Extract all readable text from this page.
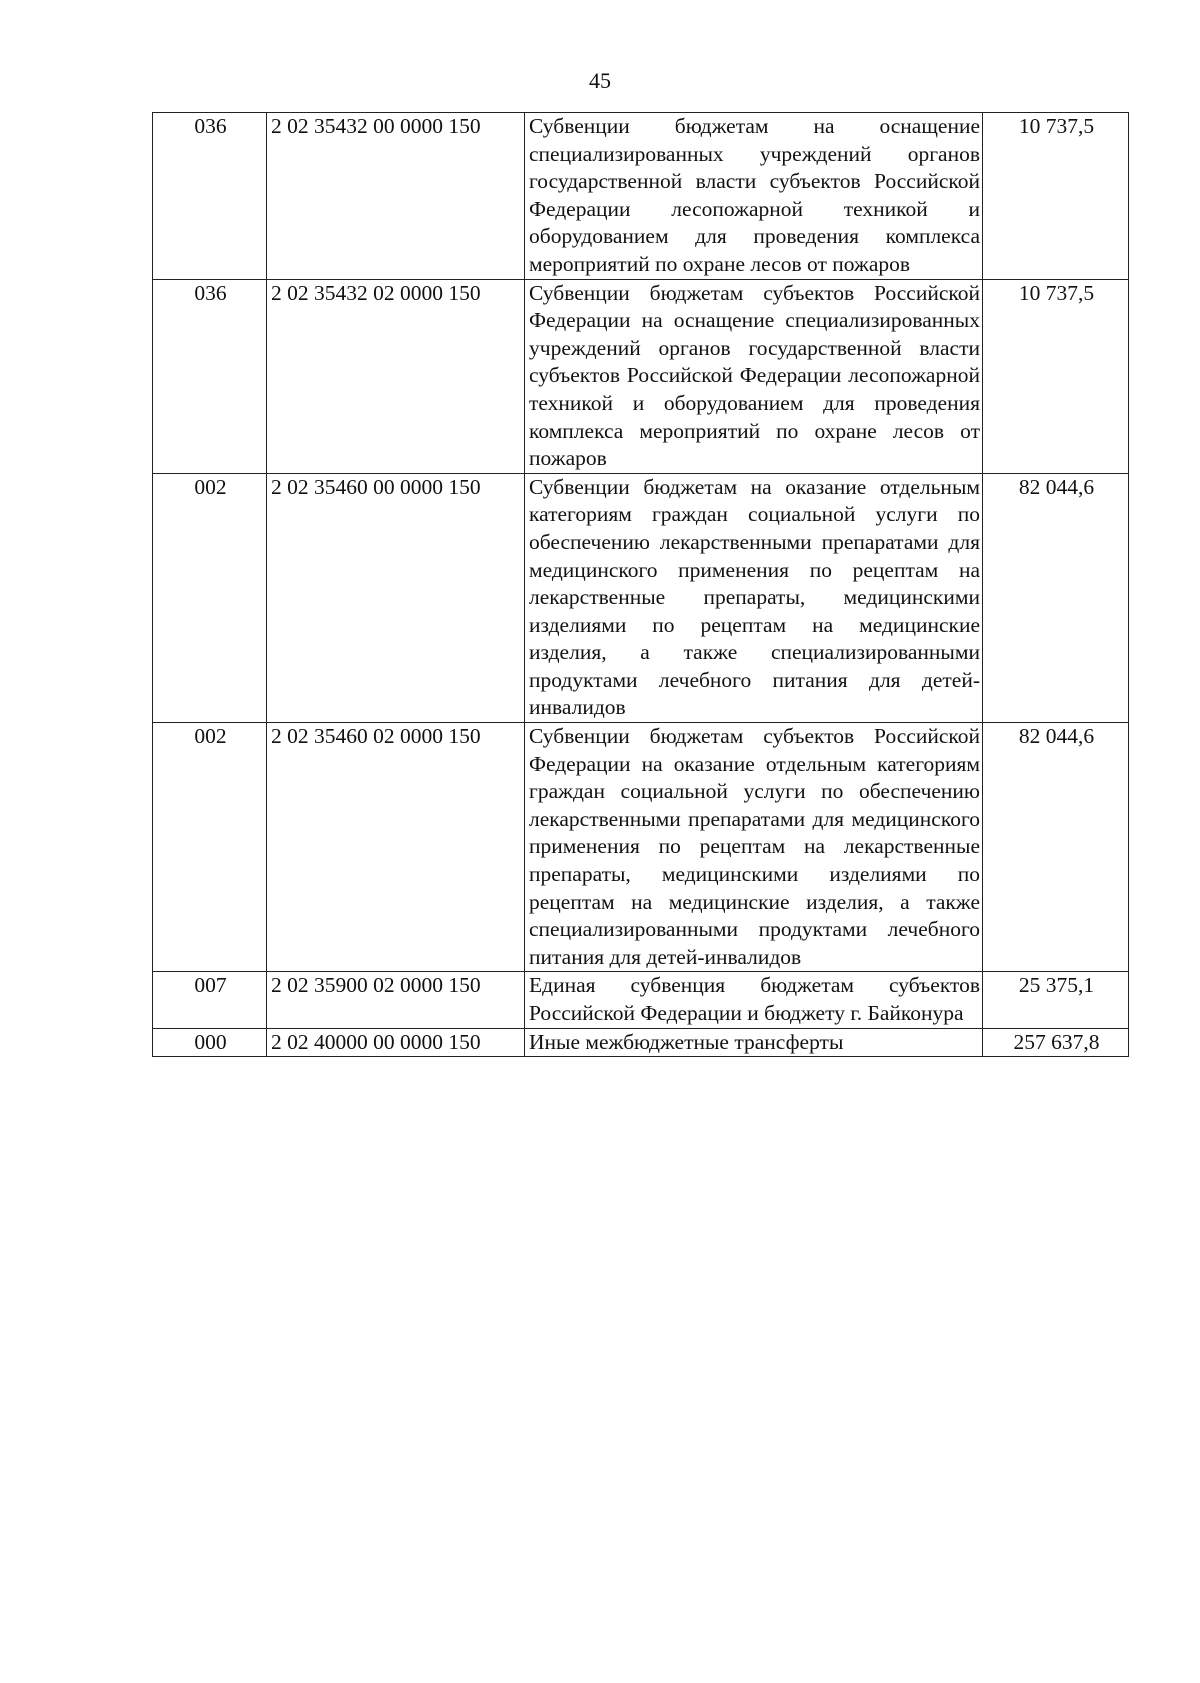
45
036	2 02 35432 00 0000 150	Субвенции бюджетам на оснащение специализированных учреждений органов государственной власти субъектов Российской Федерации лесопожарной техникой и оборудованием для проведения комплекса мероприятий по охране лесов от пожаров	10 737,5
036	2 02 35432 02 0000 150	Субвенции бюджетам субъектов Российской Федерации на оснащение специализированных учреждений органов государственной власти субъектов Российской Федерации лесопожарной техникой и оборудованием для проведения комплекса мероприятий по охране лесов от пожаров	10 737,5
002	2 02 35460 00 0000 150	Субвенции бюджетам на оказание отдельным категориям граждан социальной услуги по обеспечению лекарственными препаратами для медицинского применения по рецептам на лекарственные препараты, медицинскими изделиями по рецептам на медицинские изделия, а также специализированными продуктами лечебного питания для детей-инвалидов	82 044,6
002	2 02 35460 02 0000 150	Субвенции бюджетам субъектов Российской Федерации на оказание отдельным категориям граждан социальной услуги по обеспечению лекарственными препаратами для медицинского применения по рецептам на лекарственные препараты, медицинскими изделиями по рецептам на медицинские изделия, а также специализированными продуктами лечебного питания для детей-инвалидов	82 044,6
007	2 02 35900 02 0000 150	Единая субвенция бюджетам субъектов Российской Федерации и бюджету г. Байконура	25 375,1
000	2 02 40000 00 0000 150	Иные межбюджетные трансферты	257 637,8
